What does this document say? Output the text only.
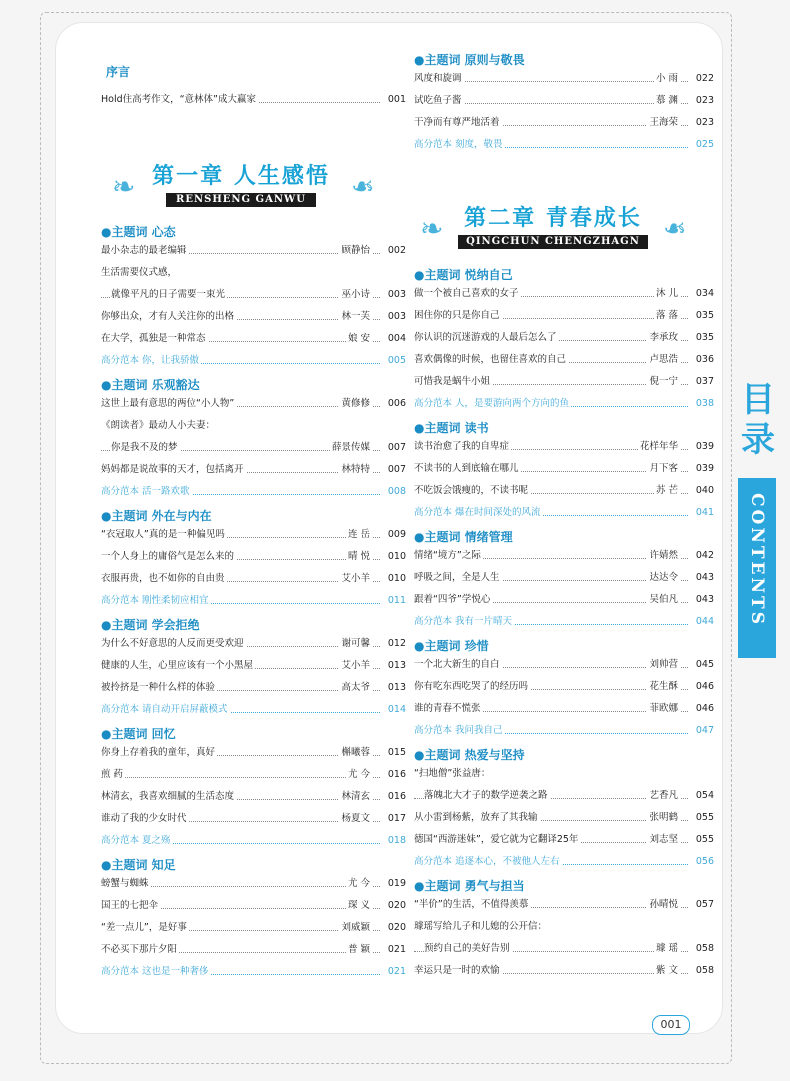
序言
Hold住高考作文，“意林体”成大赢家	001
●主题词 心态
最小杂志的最老编辑	顾静怡	002
生活需要仪式感，
就像平凡的日子需要一束光	巫小诗	003
你够出众，才有人关注你的出格	林一芙	003
在大学，孤独是一种常态	娘 安	004
高分范本 你，让我骄傲	005
●主题词 乐观豁达
这世上最有意思的两位“小人物”	黄修修	006
《朗读者》最动人小夫妻：
你是我不及的梦	薛景传媒	007
妈妈都是说故事的天才，包括离开	林特特	007
高分范本 活一路欢歌	008
●主题词 外在与内在
“衣冠取人”真的是一种偏见吗	连 岳	009
一个人身上的庸俗气是怎么来的	晴 悦	010
衣服再贵，也不如你的自由贵	艾小羊	010
高分范本 刚性柔韧应相宜	011
●主题词 学会拒绝
为什么不好意思的人反而更受欢迎	谢可馨	012
健康的人生，心里应该有一个小黑屋	艾小羊	013
被拎挤是一种什么样的体验	高太爷	013
高分范本 请自动开启屏蔽模式	014
●主题词 回忆
你身上存着我的童年，真好	槲曦蓉	015
煎 药	尤 今	016
林清玄，我喜欢细腻的生活态度	林清玄	016
谁动了我的少女时代	杨夏文	017
高分范本 夏之殇	018
●主题词 知足
螃蟹与蜘蛛	尤 今	019
国王的七把伞	琛 义	020
“差一点儿”，是好事	刘威颖	020
不必买下那片夕阳	普 颖	021
高分范本 这也是一种奢侈	021
●主题词 原则与敬畏
风度和旋调	小 雨	022
试吃鱼子酱	慕 渊	023
干净而有尊严地活着	王海荣	023
高分范本 刻度，敬畏	025
●主题词 悦纳自己
做一个被自己喜欢的女子	沐 儿	034
困住你的只是你自己	落 落	035
你认识的沉迷游戏的人最后怎么了	李承玫	035
喜欢偶像的时候，也留住喜欢的自己	卢思浩	036
可惜我是蜗牛小姐	倪一宁	037
高分范本 人，是要游向两个方向的鱼	038
●主题词 读书
读书治愈了我的自卑症	花样年华	039
不读书的人到底输在哪儿	月下客	039
不吃饭会饿瘦的，不读书呢	苏 芒	040
高分范本 爆在时间深处的风流	041
●主题词 情绪管理
情绪“境方”之际	许婧然	042
呼吸之间，全是人生	达达令	043
跟着“四爷”学悦心	吴伯凡	043
高分范本 我有一片晴天	044
●主题词 珍惜
一个北大新生的自白	刘帅营	045
你有吃东西吃哭了的经历吗	花生酥	046
谁的青春不慌张	菲欧娜	046
高分范本 我问我自己	047
●主题词 热爱与坚持
“扫地僧”张益唐：
落魄北大才子的数学逆袭之路	艺香凡	054
从小雷到杨紫，放弃了其我输	张明鹤	055
德国“西游迷妹”，爱它就为它翻译25年	刘志坚	055
高分范本 追逐本心，不被他人左右	056
●主题词 勇气与担当
“半价”的生活，不值得羡慕	孙晴悦	057
璩瑶写给儿子和儿媳的公开信：
预约自己的美好告别	璩 瑶	058
幸运只是一时的欢愉	紫 文	058
❧	❧
第一章 人生感悟
RENSHENG GANWU
❧	❧
第二章 青春成长
QINGCHUN CHENGZHAGN
001
目录
CONTENTS
